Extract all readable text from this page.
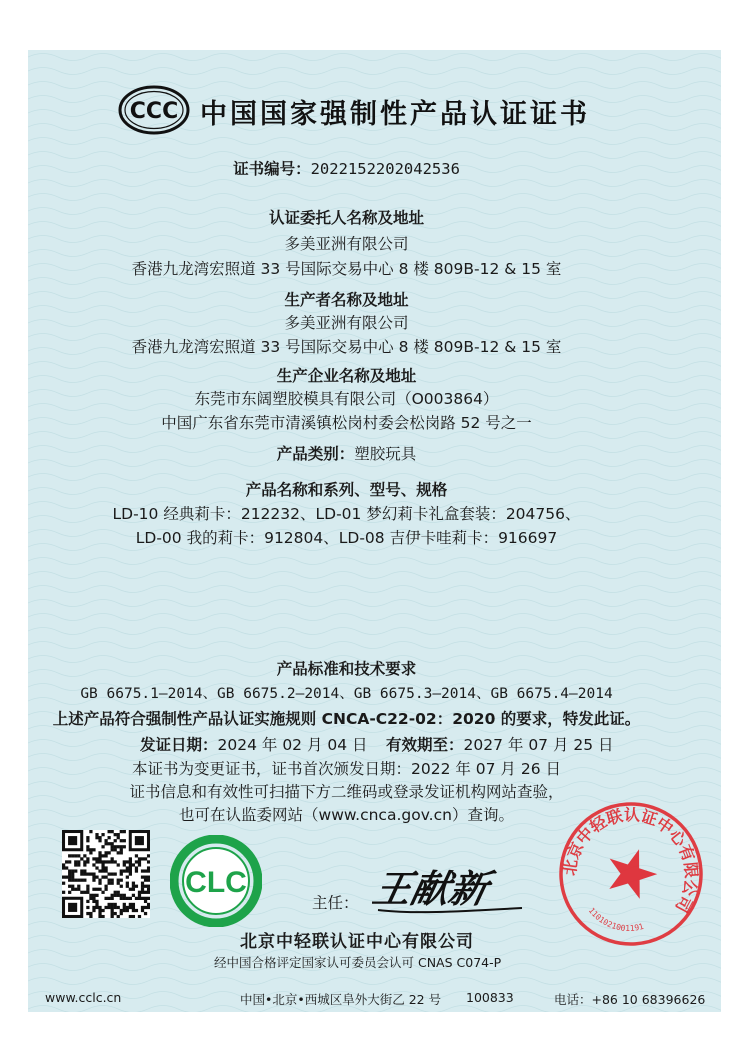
CCC 中国国家强制性产品认证证书
证书编号：2022152202042536
认证委托人名称及地址
多美亚洲有限公司
香港九龙湾宏照道 33 号国际交易中心 8 楼 809B-12 & 15 室
生产者名称及地址
多美亚洲有限公司
香港九龙湾宏照道 33 号国际交易中心 8 楼 809B-12 & 15 室
生产企业名称及地址
东莞市东阔塑胶模具有限公司（O003864）
中国广东省东莞市清溪镇松岗村委会松岗路 52 号之一
产品类别：塑胶玩具
产品名称和系列、型号、规格
LD-10 经典莉卡：212232、LD-01 梦幻莉卡礼盒套装：204756、
LD-00 我的莉卡：912804、LD-08 吉伊卡哇莉卡：916697
产品标准和技术要求
GB 6675.1—2014、GB 6675.2—2014、GB 6675.3—2014、GB 6675.4—2014
上述产品符合强制性产品认证实施规则 CNCA-C22-02：2020 的要求，特发此证。
发证日期：2024 年 02 月 04 日 有效期至：2027 年 07 月 25 日
本证书为变更证书，证书首次颁发日期：2022 年 07 月 26 日
证书信息和有效性可扫描下方二维码或登录发证机构网站查验，
也可在认监委网站（www.cnca.gov.cn）查询。
CLC
主任： 王献新
北京中轻联认证中心有限公司
经中国合格评定国家认可委员会认可 CNAS C074-P
北京中轻联认证中心有限公司
1101021001191
www.cclc.cn	中国•北京•西城区阜外大街乙 22 号 100833	电话：+86 10 68396626
